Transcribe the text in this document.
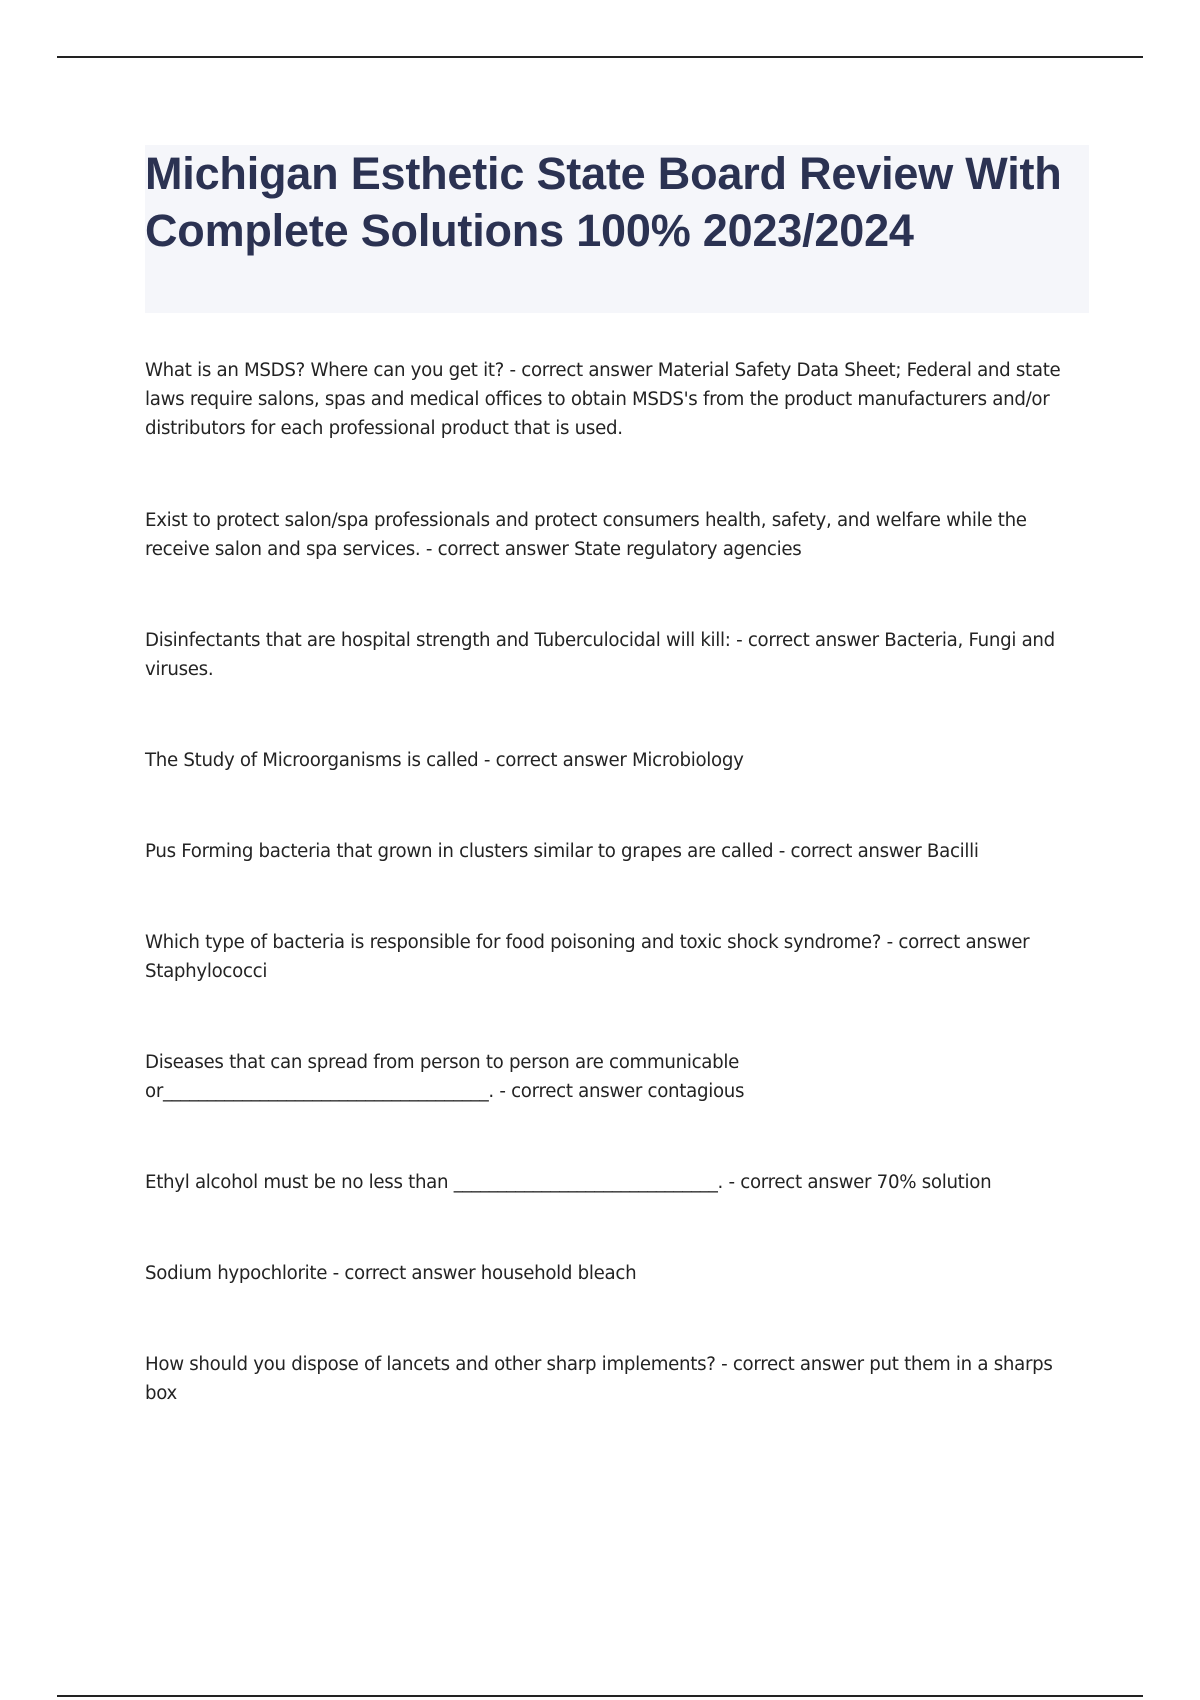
Michigan Esthetic State Board Review With Complete Solutions 100% 2023/2024

What is an MSDS? Where can you get it? - correct answer Material Safety Data Sheet; Federal and state laws require salons, spas and medical offices to obtain MSDS's from the product manufacturers and/or distributors for each professional product that is used.

Exist to protect salon/spa professionals and protect consumers health, safety, and welfare while the receive salon and spa services. - correct answer State regulatory agencies

Disinfectants that are hospital strength and Tuberculocidal will kill: - correct answer Bacteria, Fungi and viruses.

The Study of Microorganisms is called - correct answer Microbiology

Pus Forming bacteria that grown in clusters similar to grapes are called - correct answer Bacilli

Which type of bacteria is responsible for food poisoning and toxic shock syndrome? - correct answer Staphylococci

Diseases that can spread from person to person are communicable or_____________________________________. - correct answer contagious

Ethyl alcohol must be no less than ______________________________. - correct answer 70% solution

Sodium hypochlorite - correct answer household bleach

How should you dispose of lancets and other sharp implements? - correct answer put them in a sharps box
